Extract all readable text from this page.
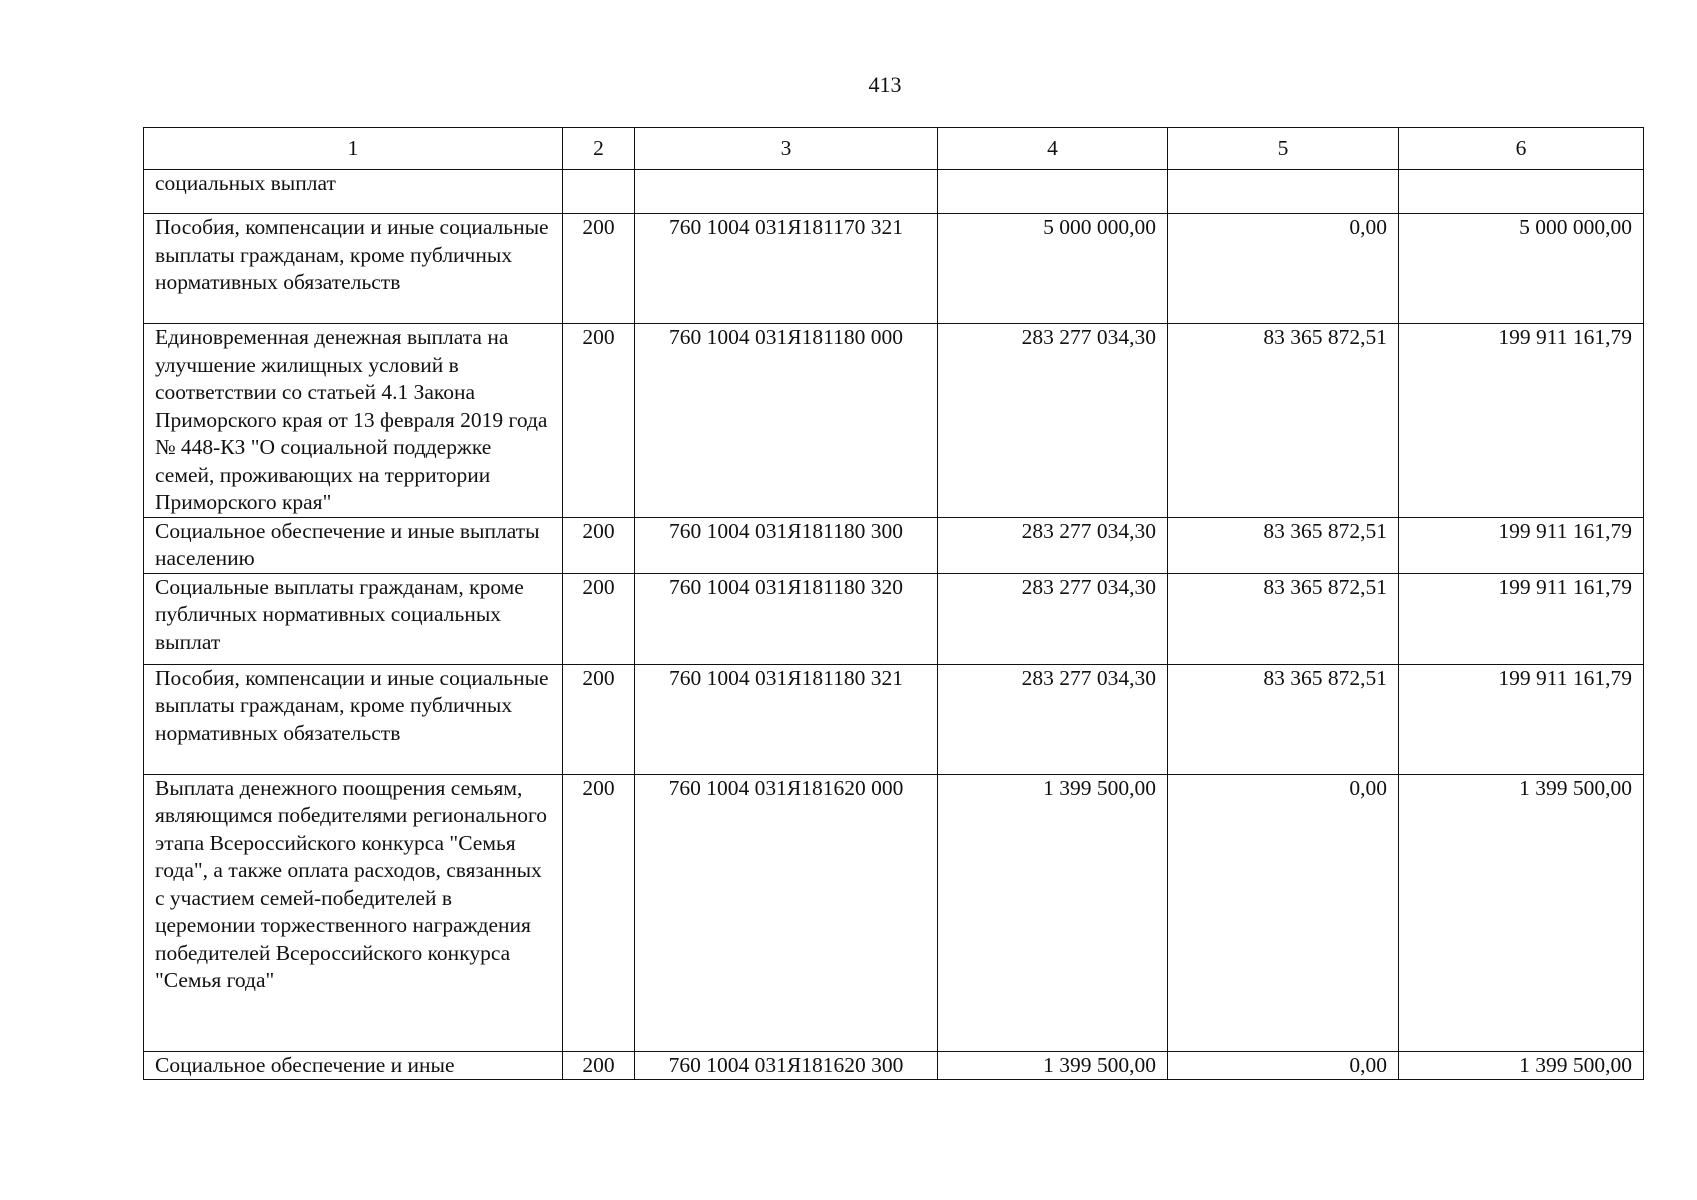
413
1	2	3	4	5	6
социальных выплат					
Пособия, компенсации и иные социальные выплаты гражданам, кроме публичных нормативных обязательств	200	760 1004 031Я181170 321	5 000 000,00	0,00	5 000 000,00
Единовременная денежная выплата на улучшение жилищных условий в соответствии со статьей 4.1 Закона Приморского края от 13 февраля 2019 года № 448-КЗ "О социальной поддержке семей, проживающих на территории Приморского края"	200	760 1004 031Я181180 000	283 277 034,30	83 365 872,51	199 911 161,79
Социальное обеспечение и иные выплаты населению	200	760 1004 031Я181180 300	283 277 034,30	83 365 872,51	199 911 161,79
Социальные выплаты гражданам, кроме публичных нормативных социальных выплат	200	760 1004 031Я181180 320	283 277 034,30	83 365 872,51	199 911 161,79
Пособия, компенсации и иные социальные выплаты гражданам, кроме публичных нормативных обязательств	200	760 1004 031Я181180 321	283 277 034,30	83 365 872,51	199 911 161,79
Выплата денежного поощрения семьям, являющимся победителями регионального этапа Всероссийского конкурса "Семья года", а также оплата расходов, связанных с участием семей-победителей в церемонии торжественного награждения победителей Всероссийского конкурса "Семья года"	200	760 1004 031Я181620 000	1 399 500,00	0,00	1 399 500,00
Социальное обеспечение и иные	200	760 1004 031Я181620 300	1 399 500,00	0,00	1 399 500,00
